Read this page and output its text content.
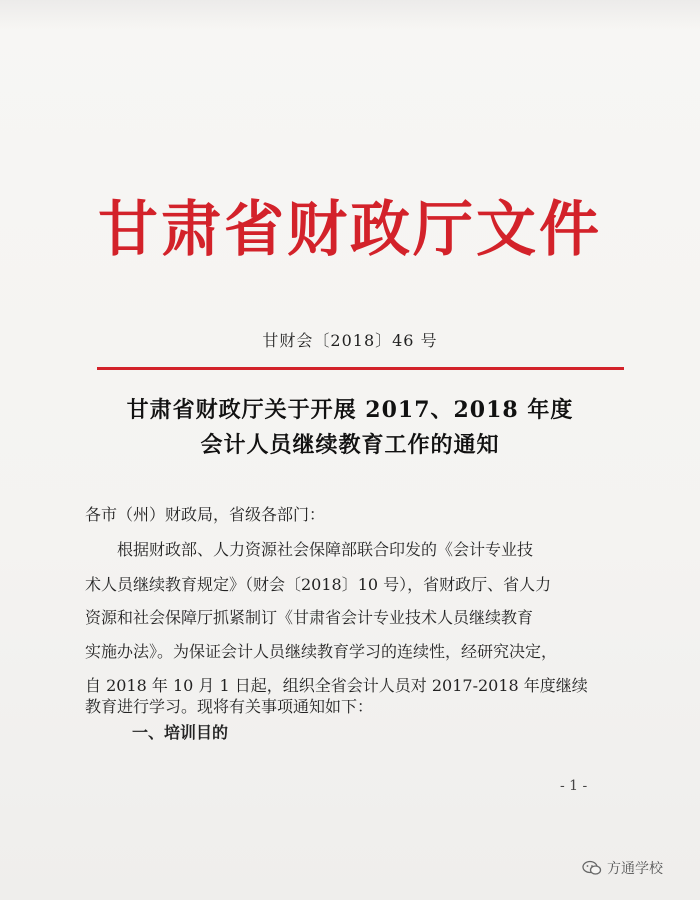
甘肃省财政厅文件
甘财会〔2018〕46 号
甘肃省财政厅关于开展 2017、2018 年度
会计人员继续教育工作的通知
各市（州）财政局，省级各部门：
根据财政部、人力资源社会保障部联合印发的《会计专业技
术人员继续教育规定》（财会〔2018〕10 号），省财政厅、省人力
资源和社会保障厅抓紧制订《甘肃省会计专业技术人员继续教育
实施办法》。为保证会计人员继续教育学习的连续性，经研究决定，
自 2018 年 10 月 1 日起，组织全省会计人员对 2017-2018 年度继续
教育进行学习。现将有关事项通知如下：
一、培训目的
- 1 -
方通学校
